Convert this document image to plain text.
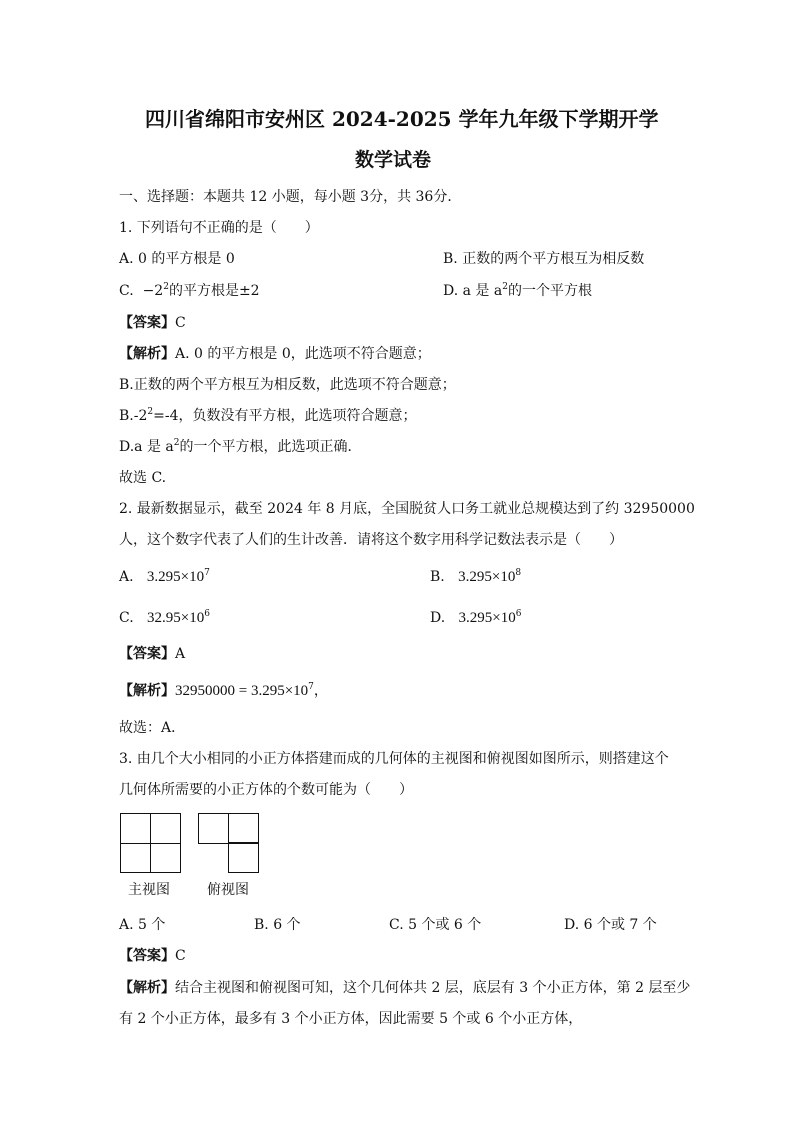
四川省绵阳市安州区 2024-2025 学年九年级下学期开学
数学试卷
一、选择题：本题共 12 小题，每小题 3分，共 36分．
1. 下列语句不正确的是（　　）
A. 0 的平方根是 0	B. 正数的两个平方根互为相反数
C. $-2^2$的平方根是±2	D. a 是 $a^2$的一个平方根
【答案】C
【解析】A. 0 的平方根是 0，此选项不符合题意；
B.正数的两个平方根互为相反数，此选项不符合题意；
$B.-2^2=-4$，负数没有平方根，此选项符合题意；
D.a 是 $a^2$的一个平方根，此选项正确．
故选 C.
2. 最新数据显示，截至 2024 年 8 月底，全国脱贫人口务工就业总规模达到了约 32950000
人，这个数字代表了人们的生计改善．请将这个数字用科学记数法表示是（　　）
A. $3.295\times 10^7$	B. $3.295\times 10^8$
C. $32.95\times 10^6$	D. $3.295\times 10^6$
【答案】A
【解析】$32950000 = 3.295\times 10^7$，
故选：A．
3. 由几个大小相同的小正方体搭建而成的几何体的主视图和俯视图如图所示，则搭建这个
几何体所需要的小正方体的个数可能为（　　）
主视图	俯视图
A. 5 个	B. 6 个	C. 5 个或 6 个	D. 6 个或 7 个
【答案】C
【解析】结合主视图和俯视图可知，这个几何体共 2 层，底层有 3 个小正方体，第 2 层至少
有 2 个小正方体，最多有 3 个小正方体，因此需要 5 个或 6 个小正方体，
